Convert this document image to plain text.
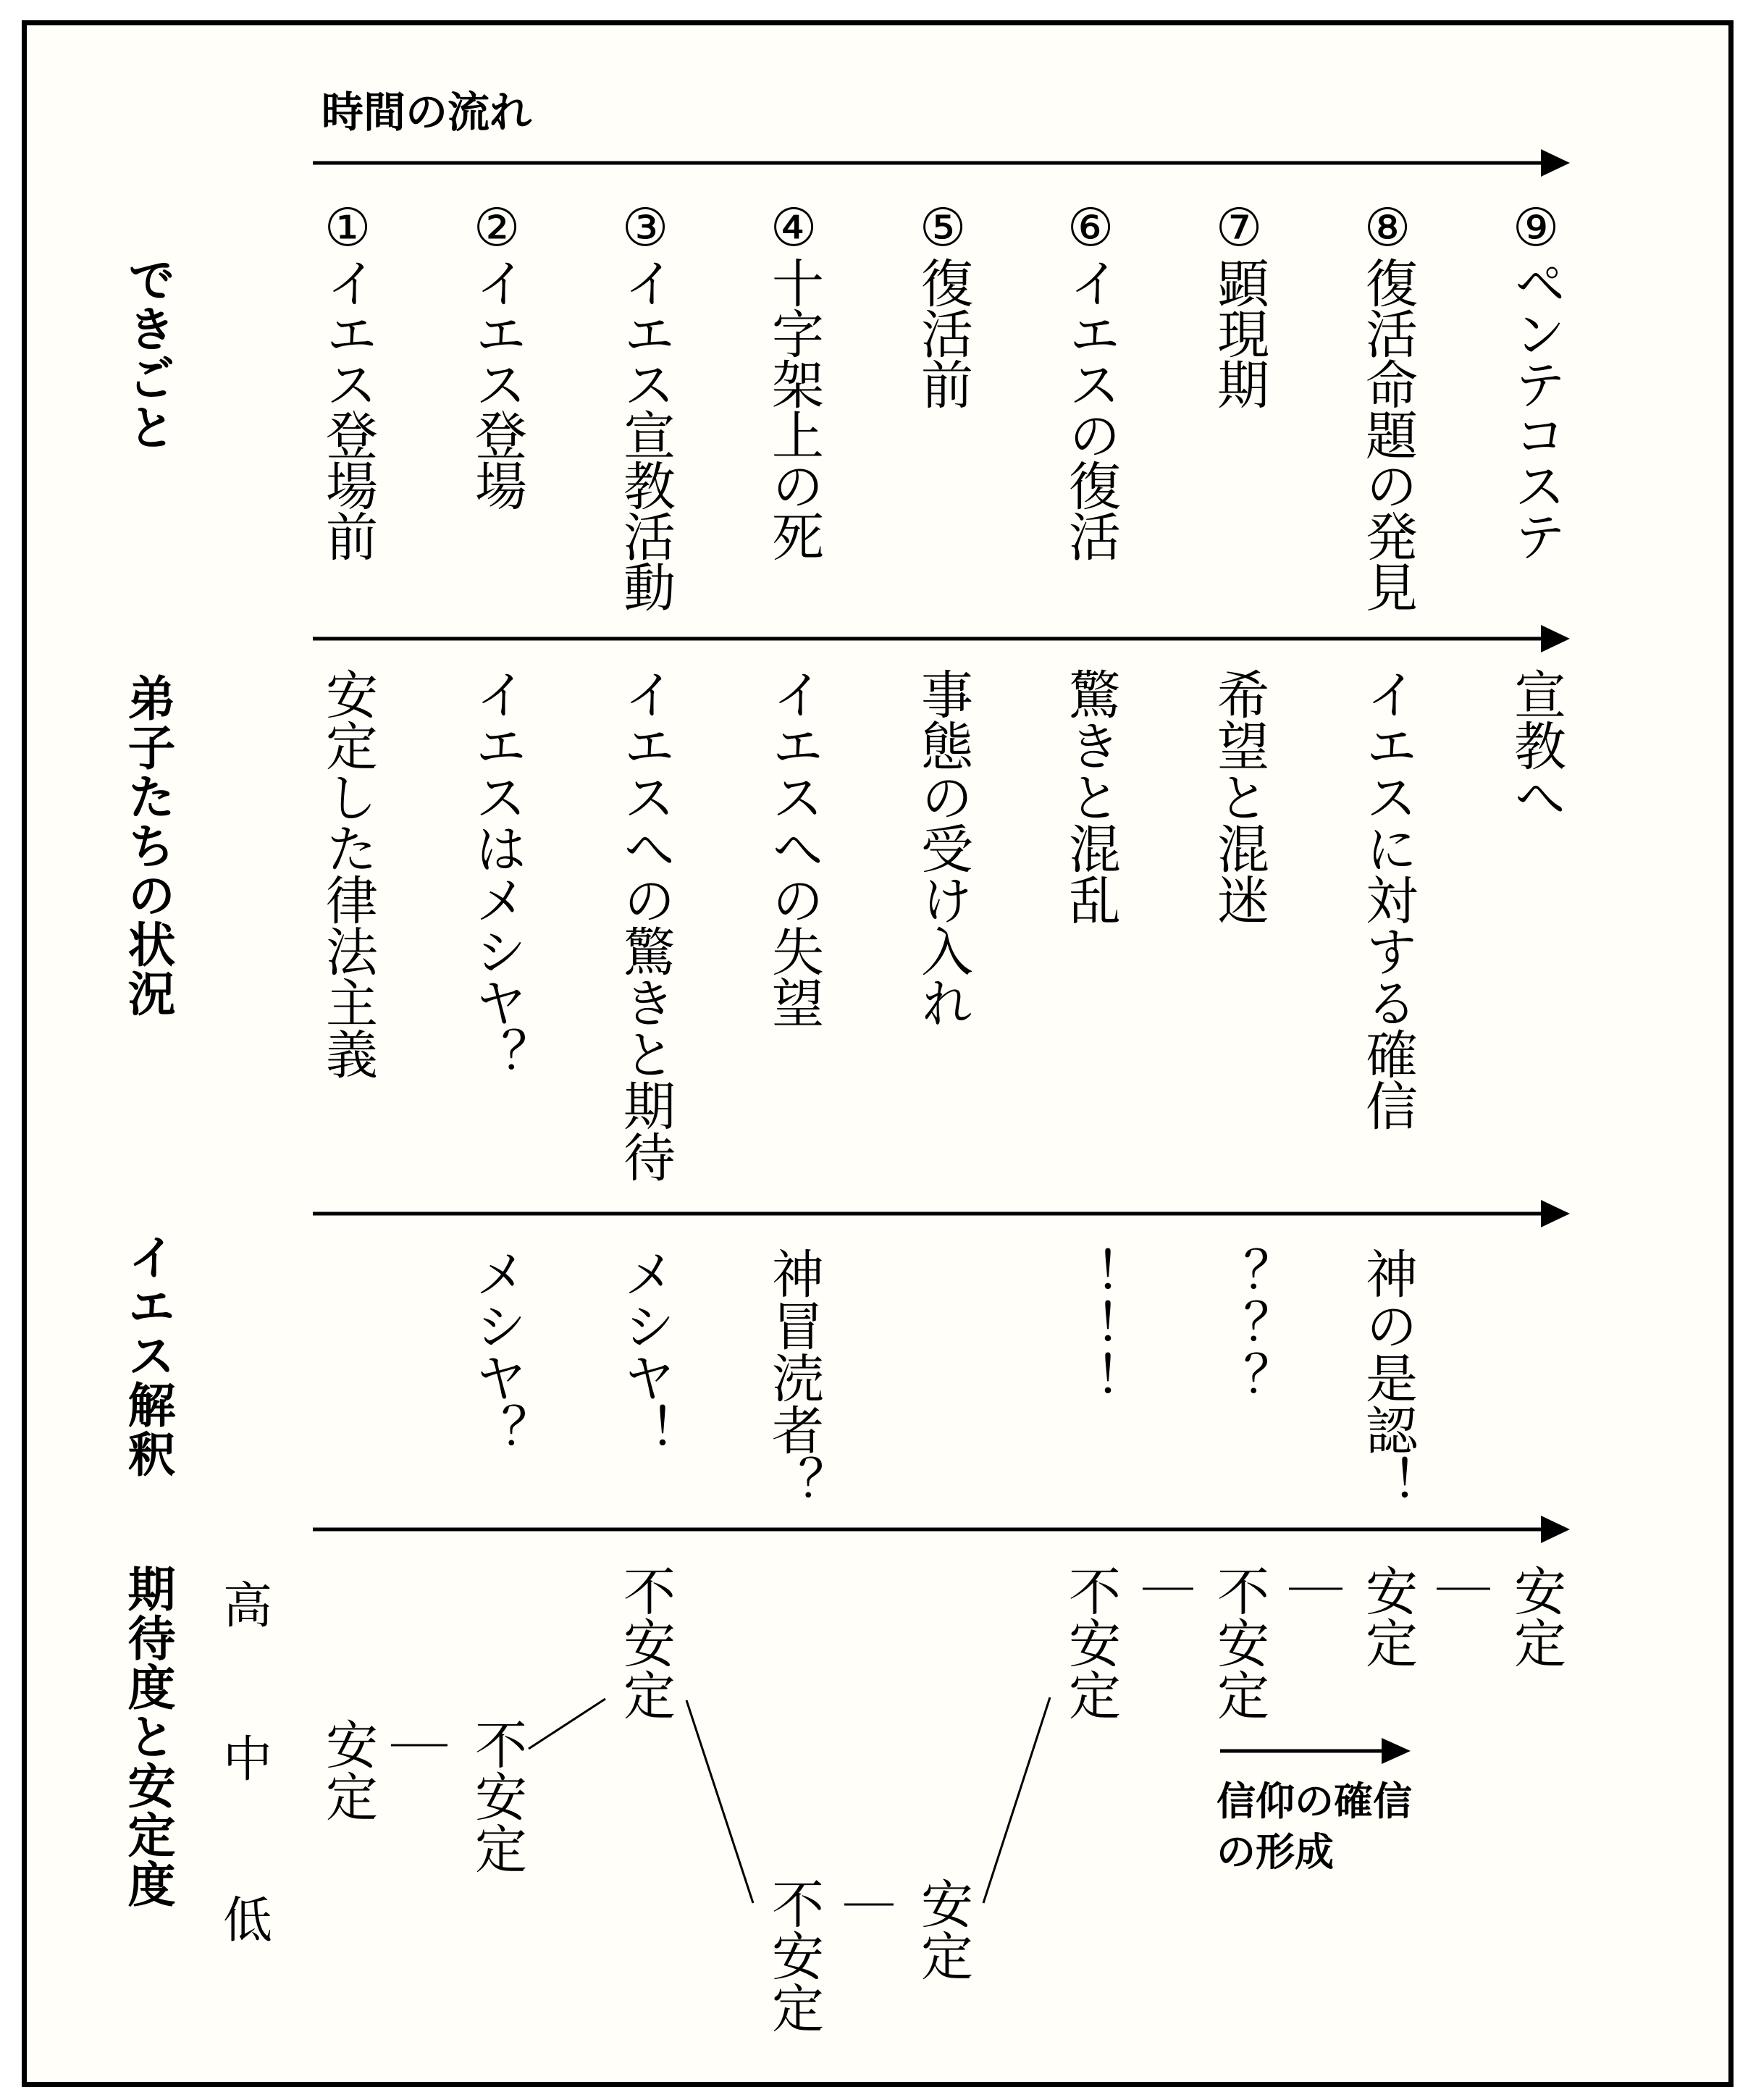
時間の流れ
できごと
弟子たちの状況
イエス解釈
期待度と安定度 高
中
低
①イエス登場前 ②イエス登場 ③イエス宣教活動 ④十字架上の死 ⑤復活前 ⑥イエスの復活 ⑦顕現期 ⑧復活命題の発見 ⑨ペンテコステ
安定した律法主義 イエスはメシヤ？ イエスへの驚きと期待 イエスへの失望 事態の受け入れ 驚きと混乱 希望と混迷 イエスに対する確信 宣教へ
メシヤ？ メシヤ！ 神冒涜者？	！！！ ？？？ 神の是認！
安定 不安定
不安定
不安定 安定
不安定 不安定 安定 安定
信仰の確信
の形成
